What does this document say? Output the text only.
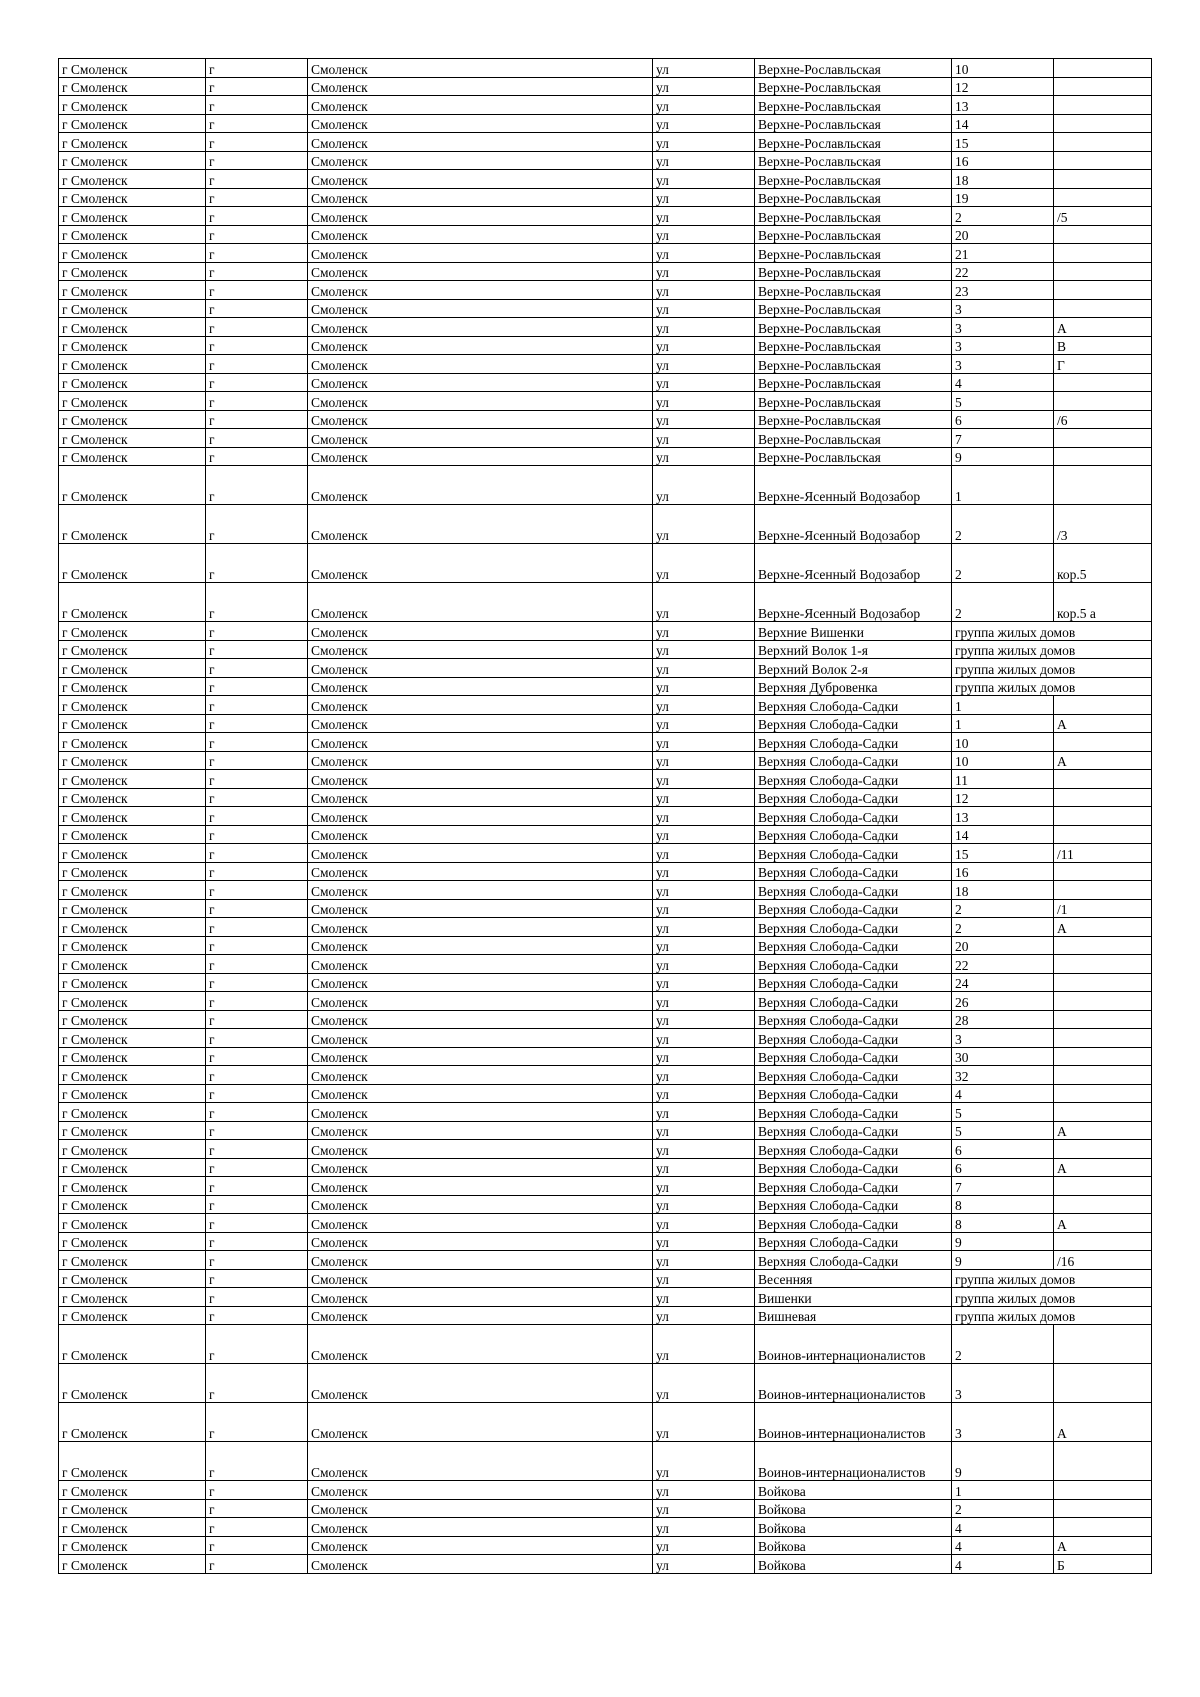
г Смоленск	г	Смоленск	ул	Верхне-Рославльская	10	
г Смоленск	г	Смоленск	ул	Верхне-Рославльская	12	
г Смоленск	г	Смоленск	ул	Верхне-Рославльская	13	
г Смоленск	г	Смоленск	ул	Верхне-Рославльская	14	
г Смоленск	г	Смоленск	ул	Верхне-Рославльская	15	
г Смоленск	г	Смоленск	ул	Верхне-Рославльская	16	
г Смоленск	г	Смоленск	ул	Верхне-Рославльская	18	
г Смоленск	г	Смоленск	ул	Верхне-Рославльская	19	
г Смоленск	г	Смоленск	ул	Верхне-Рославльская	2	/5
г Смоленск	г	Смоленск	ул	Верхне-Рославльская	20	
г Смоленск	г	Смоленск	ул	Верхне-Рославльская	21	
г Смоленск	г	Смоленск	ул	Верхне-Рославльская	22	
г Смоленск	г	Смоленск	ул	Верхне-Рославльская	23	
г Смоленск	г	Смоленск	ул	Верхне-Рославльская	3	
г Смоленск	г	Смоленск	ул	Верхне-Рославльская	3	А
г Смоленск	г	Смоленск	ул	Верхне-Рославльская	3	В
г Смоленск	г	Смоленск	ул	Верхне-Рославльская	3	Г
г Смоленск	г	Смоленск	ул	Верхне-Рославльская	4	
г Смоленск	г	Смоленск	ул	Верхне-Рославльская	5	
г Смоленск	г	Смоленск	ул	Верхне-Рославльская	6	/6
г Смоленск	г	Смоленск	ул	Верхне-Рославльская	7	
г Смоленск	г	Смоленск	ул	Верхне-Рославльская	9	
г Смоленск	г	Смоленск	ул	Верхне-Ясенный Водозабор	1	
г Смоленск	г	Смоленск	ул	Верхне-Ясенный Водозабор	2	/3
г Смоленск	г	Смоленск	ул	Верхне-Ясенный Водозабор	2	кор.5
г Смоленск	г	Смоленск	ул	Верхне-Ясенный Водозабор	2	кор.5 а
г Смоленск	г	Смоленск	ул	Верхние Вишенки	группа жилых домов	
г Смоленск	г	Смоленск	ул	Верхний Волок 1-я	группа жилых домов	
г Смоленск	г	Смоленск	ул	Верхний Волок 2-я	группа жилых домов	
г Смоленск	г	Смоленск	ул	Верхняя Дубровенка	группа жилых домов	
г Смоленск	г	Смоленск	ул	Верхняя Слобода-Садки	1	
г Смоленск	г	Смоленск	ул	Верхняя Слобода-Садки	1	А
г Смоленск	г	Смоленск	ул	Верхняя Слобода-Садки	10	
г Смоленск	г	Смоленск	ул	Верхняя Слобода-Садки	10	А
г Смоленск	г	Смоленск	ул	Верхняя Слобода-Садки	11	
г Смоленск	г	Смоленск	ул	Верхняя Слобода-Садки	12	
г Смоленск	г	Смоленск	ул	Верхняя Слобода-Садки	13	
г Смоленск	г	Смоленск	ул	Верхняя Слобода-Садки	14	
г Смоленск	г	Смоленск	ул	Верхняя Слобода-Садки	15	/11
г Смоленск	г	Смоленск	ул	Верхняя Слобода-Садки	16	
г Смоленск	г	Смоленск	ул	Верхняя Слобода-Садки	18	
г Смоленск	г	Смоленск	ул	Верхняя Слобода-Садки	2	/1
г Смоленск	г	Смоленск	ул	Верхняя Слобода-Садки	2	А
г Смоленск	г	Смоленск	ул	Верхняя Слобода-Садки	20	
г Смоленск	г	Смоленск	ул	Верхняя Слобода-Садки	22	
г Смоленск	г	Смоленск	ул	Верхняя Слобода-Садки	24	
г Смоленск	г	Смоленск	ул	Верхняя Слобода-Садки	26	
г Смоленск	г	Смоленск	ул	Верхняя Слобода-Садки	28	
г Смоленск	г	Смоленск	ул	Верхняя Слобода-Садки	3	
г Смоленск	г	Смоленск	ул	Верхняя Слобода-Садки	30	
г Смоленск	г	Смоленск	ул	Верхняя Слобода-Садки	32	
г Смоленск	г	Смоленск	ул	Верхняя Слобода-Садки	4	
г Смоленск	г	Смоленск	ул	Верхняя Слобода-Садки	5	
г Смоленск	г	Смоленск	ул	Верхняя Слобода-Садки	5	А
г Смоленск	г	Смоленск	ул	Верхняя Слобода-Садки	6	
г Смоленск	г	Смоленск	ул	Верхняя Слобода-Садки	6	А
г Смоленск	г	Смоленск	ул	Верхняя Слобода-Садки	7	
г Смоленск	г	Смоленск	ул	Верхняя Слобода-Садки	8	
г Смоленск	г	Смоленск	ул	Верхняя Слобода-Садки	8	А
г Смоленск	г	Смоленск	ул	Верхняя Слобода-Садки	9	
г Смоленск	г	Смоленск	ул	Верхняя Слобода-Садки	9	/16
г Смоленск	г	Смоленск	ул	Весенняя	группа жилых домов	
г Смоленск	г	Смоленск	ул	Вишенки	группа жилых домов	
г Смоленск	г	Смоленск	ул	Вишневая	группа жилых домов	
г Смоленск	г	Смоленск	ул	Воинов-интернационалистов	2	
г Смоленск	г	Смоленск	ул	Воинов-интернационалистов	3	
г Смоленск	г	Смоленск	ул	Воинов-интернационалистов	3	А
г Смоленск	г	Смоленск	ул	Воинов-интернационалистов	9	
г Смоленск	г	Смоленск	ул	Войкова	1	
г Смоленск	г	Смоленск	ул	Войкова	2	
г Смоленск	г	Смоленск	ул	Войкова	4	
г Смоленск	г	Смоленск	ул	Войкова	4	А
г Смоленск	г	Смоленск	ул	Войкова	4	Б
